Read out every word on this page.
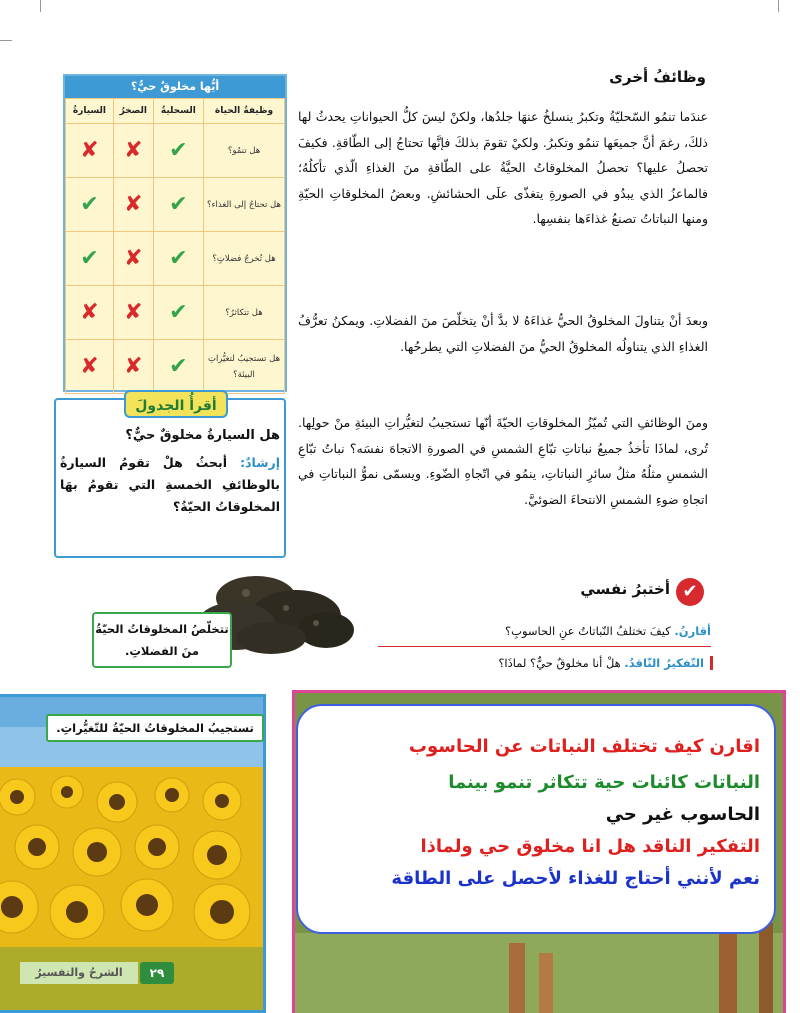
أيُّها مخلوقٌ حيٌّ؟
وظيفةُ الحياة	السحليةُ	الصخرُ	السيارةُ
هل تنمُو؟	✔	✘	✘
هل تحتاجُ إلى الغذاء؟	✔	✘	✔
هل تُخرجُ فضلاتٍ؟	✔	✘	✔
هل تتكاثرُ؟	✔	✘	✘
هل تستجيبُ لتغيُّراتِ البيئة؟	✔	✘	✘
أقرأُ الجدولَ
هل السيارةُ مخلوقٌ حيٌّ؟
إرشادٌ: أبحثُ هلْ تقومُ السيارةُ بالوظائفِ الخمسةِ التي تقومُ بهَا المخلوقاتُ الحيّةُ؟
وظائفُ أخرى
عندَما تنمُو السّحليّةُ وتكبرُ ينسلخُ عنهَا جلدُها، ولكنْ ليسَ كلُّ الحيواناتِ يحدثُ لها ذلكَ، رغمَ أنَّ جميعَها تنمُو وتكبرُ. ولكيْ تقومَ بذلكَ فإنَّها تحتاجُ إلى الطّاقةِ. فكيفَ تحصلُ عليها؟ تحصلُ المخلوقاتُ الحيَّةُ على الطّاقةِ منَ الغذاءِ الّذي تأكلُهُ؛ فالماعزُ الذي يبدُو في الصورةِ يتغذّى علَى الحشائشِ. وبعضُ المخلوقاتِ الحيّةِ ومنها النباتاتُ تصنعُ غذاءَها بنفسِها.
وبعدَ أنْ يتناولَ المخلوقُ الحيُّ غذاءَهُ لا بدَّ أنْ يتخلّصَ منَ الفضلاتِ. ويمكنُ تعرُّفُ الغذاءِ الذي يتناولُه المخلوقُ الحيُّ منَ الفضلاتِ التي يطرحُها.
ومنَ الوظائفِ التي تُميّزُ المخلوقاتِ الحيّةَ أنّها تستجيبُ لتغيُّراتِ البيئةِ منْ حولِها. تُرى، لماذَا تأخذُ جميعُ نباتاتِ تبّاعِ الشمسِ في الصورةِ الاتجاهَ نفسَه؟ نباتُ تبّاعِ الشمسِ مثلُهُ مثلُ سائرِ النباتاتِ، ينمُو في اتّجاهِ الضّوءِ. ويسمّى نموُّ النباتاتِ في اتجاهِ ضوءِ الشمسِ الانتحاءَ الضوئيَّ.
✔
أختبرُ نفسي
أقارنُ. كيفَ تختلفُ النّباتاتُ عنِ الحاسوبِ؟
التّفكيرُ النّاقدُ. هلْ أنا مخلوقٌ حيٌّ؟ لماذَا؟
تتخلّصُ المخلوقاتُ الحيّةُ منَ الفضلاتِ.
تستجيبُ المخلوقاتُ الحيّةُ للتّغيُّراتِ.
٢٩
الشرحُ والتفسيرُ
اقارن كيف تختلف النباتات عن الحاسوب
النباتات كائنات حية تتكاثر تنمو بينما
الحاسوب غير حي
التفكير الناقد هل انا مخلوق حي ولماذا
نعم لأنني أحتاج للغذاء لأحصل على الطاقة
